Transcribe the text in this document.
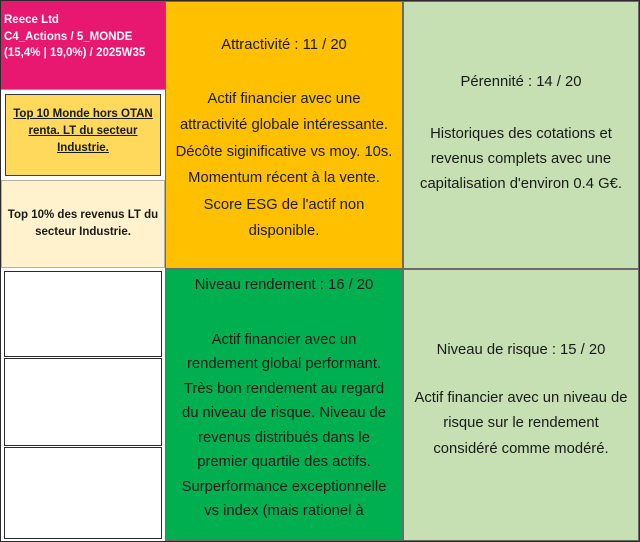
Reece Ltd
C4_Actions / 5_MONDE
(15,4% | 19,0%) / 2025W35
Top 10 Monde hors OTAN renta. LT du secteur Industrie.
Top 10% des revenus LT du secteur Industrie.
Attractivité : 11 / 20
Actif financier avec une
attractivité globale intéressante.
Décôte siginificative vs moy. 10s.
Momentum récent à la vente.
Score ESG de l'actif non
disponible.
Pérennité : 14 / 20
Historiques des cotations et
revenus complets avec une
capitalisation d'environ 0.4 G€.
Niveau rendement : 16 / 20
Actif financier avec un
rendement global performant.
Très bon rendement au regard
du niveau de risque. Niveau de
revenus distribués dans le
premier quartile des actifs.
Surperformance exceptionnelle
vs index (mais rationel à
Niveau de risque : 15 / 20
Actif financier avec un niveau de
risque sur le rendement
considéré comme modéré.
